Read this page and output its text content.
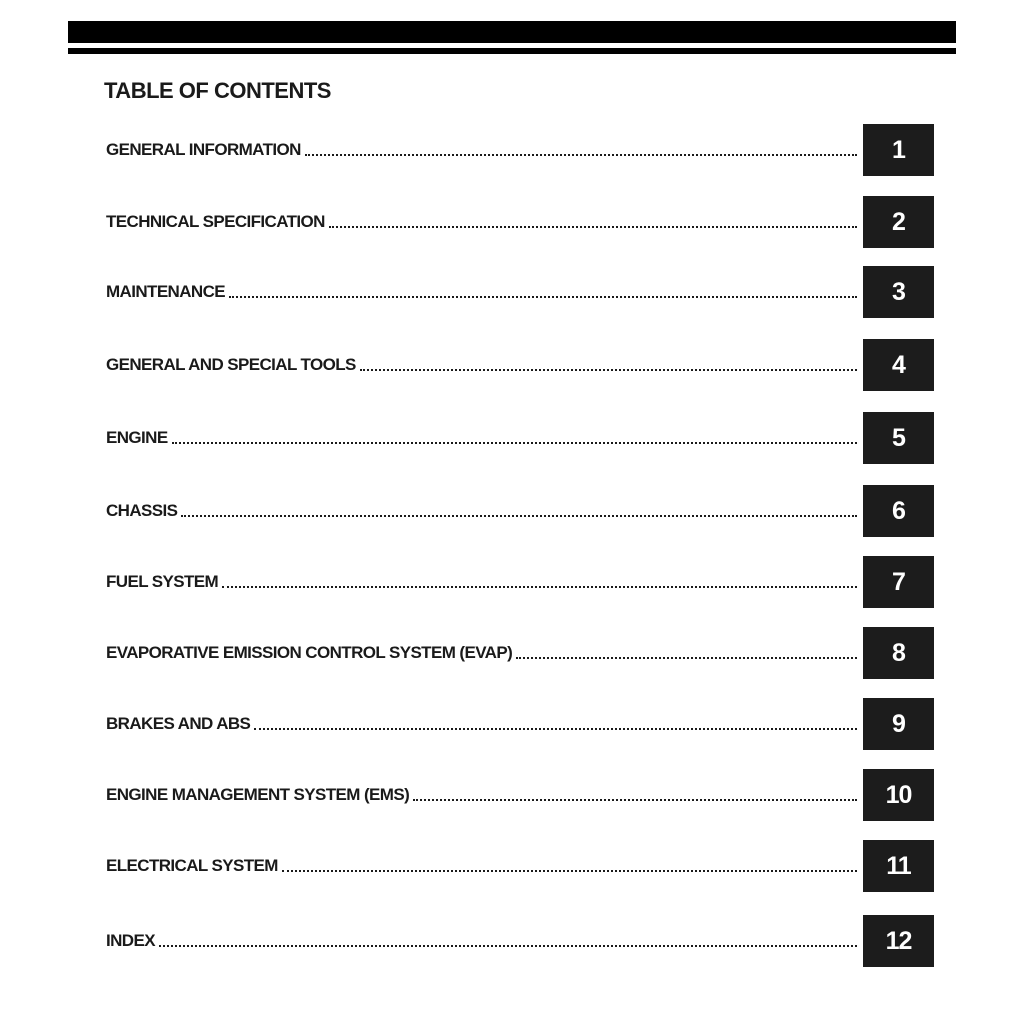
TABLE OF CONTENTS
GENERAL INFORMATION	1
TECHNICAL SPECIFICATION	2
MAINTENANCE	3
GENERAL AND SPECIAL TOOLS	4
ENGINE	5
CHASSIS	6
FUEL SYSTEM	7
EVAPORATIVE EMISSION CONTROL SYSTEM (EVAP)	8
BRAKES AND ABS	9
ENGINE MANAGEMENT SYSTEM (EMS)	10
ELECTRICAL SYSTEM	11
INDEX	12
